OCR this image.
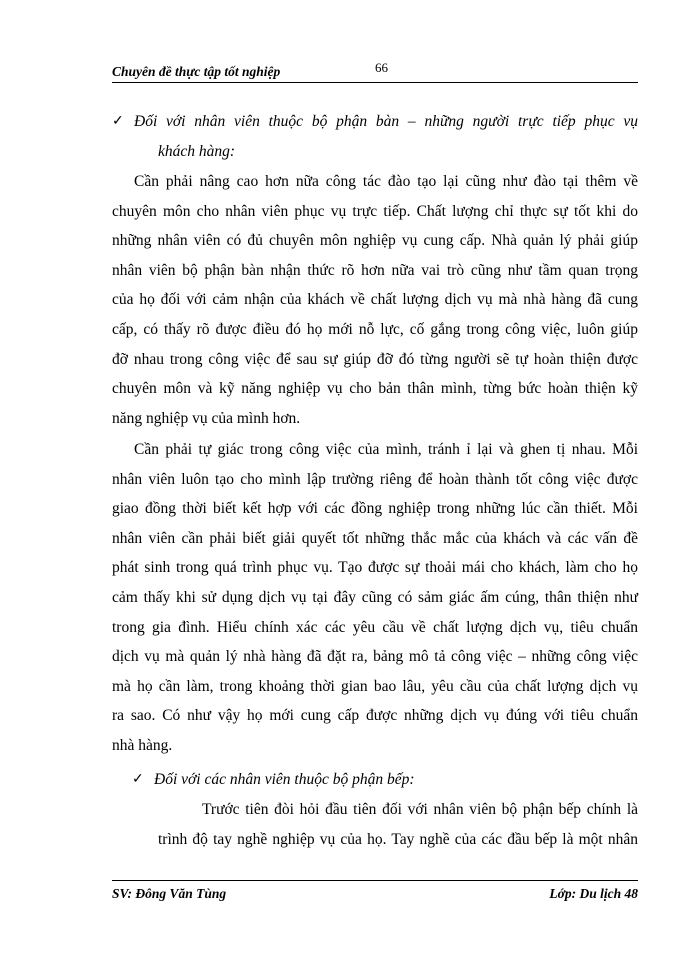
Chuyên đề thực tập tốt nghiệp	66
✓ Đối với nhân viên thuộc bộ phận bàn – những người trực tiếp phục vụ
khách hàng:
Cần phải nâng cao hơn nữa công tác đào tạo lại cũng như đào tại thêm về
chuyên môn cho nhân viên phục vụ trực tiếp. Chất lượng chỉ thực sự tốt khi do
những nhân viên có đủ chuyên môn nghiệp vụ cung cấp. Nhà quản lý phải giúp
nhân viên bộ phận bàn nhận thức rõ hơn nữa vai trò cũng như tầm quan trọng
của họ đối với cảm nhận của khách về chất lượng dịch vụ mà nhà hàng đã cung
cấp, có thấy rõ được điều đó họ mới nỗ lực, cố gắng trong công việc, luôn giúp
đỡ nhau trong công việc để sau sự giúp đỡ đó từng người sẽ tự hoàn thiện được
chuyên môn và kỹ năng nghiệp vụ cho bản thân mình, từng bức hoàn thiện kỹ
năng nghiệp vụ của mình hơn.
Cần phải tự giác trong công việc của mình, tránh ỉ lại và ghen tị nhau. Mỗi
nhân viên luôn tạo cho mình lập trường riêng để hoàn thành tốt công việc được
giao đồng thời biết kết hợp với các đồng nghiệp trong những lúc cần thiết. Mỗi
nhân viên cần phải biết giải quyết tốt những thắc mắc của khách và các vấn đề
phát sinh trong quá trình phục vụ. Tạo được sự thoải mái cho khách, làm cho họ
cảm thấy khi sử dụng dịch vụ tại đây cũng có sảm giác ấm cúng, thân thiện như
trong gia đình. Hiểu chính xác các yêu cầu về chất lượng dịch vụ, tiêu chuẩn
dịch vụ mà quản lý nhà hàng đã đặt ra, bảng mô tả công việc – những công việc
mà họ cần làm, trong khoảng thời gian bao lâu, yêu cầu của chất lượng dịch vụ
ra sao. Có như vậy họ mới cung cấp được những dịch vụ đúng với tiêu chuẩn
nhà hàng.
✓ Đối với các nhân viên thuộc bộ phận bếp:
Trước tiên đòi hỏi đầu tiên đối với nhân viên bộ phận bếp chính là
trình độ tay nghề nghiệp vụ của họ. Tay nghề của các đầu bếp là một nhân
SV: Đông Văn Tùng	Lớp: Du lịch 48
